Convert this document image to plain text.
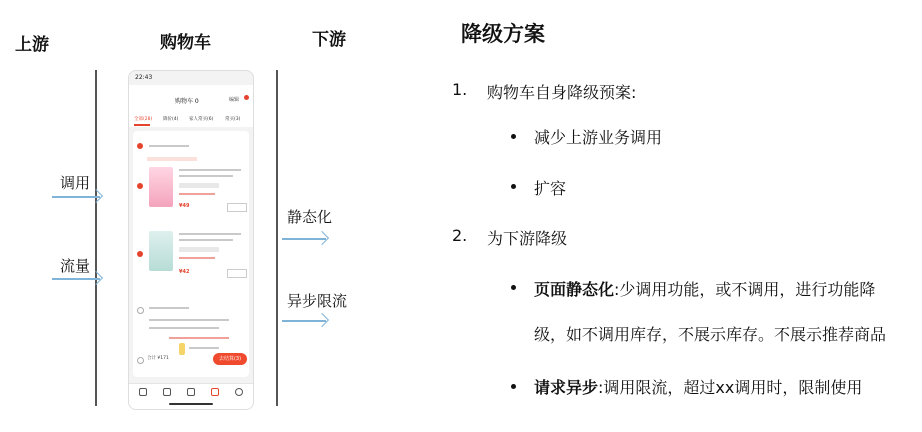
上游	购物车	下游
调用
流量
静态化
异步限流
22:43
购物车 0	编辑
全部(28) 降价(4) 家人常买(6)	常买(3)
¥49
¥42
合计 ¥171	去结算(3)
降级方案
1. 购物车自身降级预案:
减少上游业务调用
扩容
2. 为下游降级
页面静态化:少调用功能，或不调用，进行功能降
级，如不调用库存，不展示库存。不展示推荐商品
请求异步:调用限流，超过xx调用时，限制使用
